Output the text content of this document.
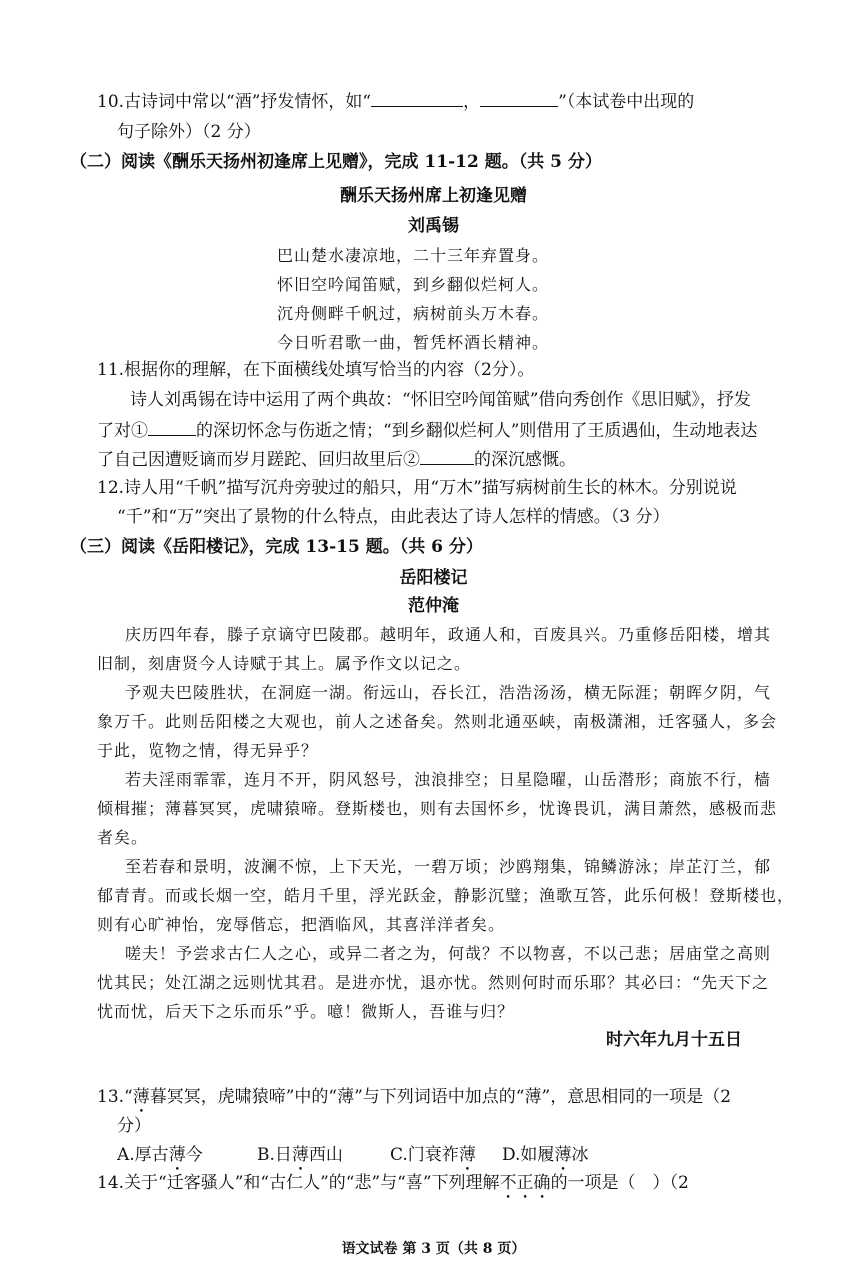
10.古诗词中常以“酒”抒发情怀，如“	，	”（本试卷中出现的
句子除外）（2 分）
（二）阅读《酬乐天扬州初逢席上见赠》，完成 11-12 题。（共 5 分）
酬乐天扬州席上初逢见赠
刘禹锡
巴山楚水凄凉地，二十三年弃置身。
怀旧空吟闻笛赋，到乡翻似烂柯人。
沉舟侧畔千帆过，病树前头万木春。
今日听君歌一曲，暂凭杯酒长精神。
11.根据你的理解，在下面横线处填写恰当的内容（2分）。
诗人刘禹锡在诗中运用了两个典故：“怀旧空吟闻笛赋”借向秀创作《思旧赋》，抒发
了对①	的深切怀念与伤逝之情；“到乡翻似烂柯人”则借用了王质遇仙，生动地表达
了自己因遭贬谪而岁月蹉跎、回归故里后②	的深沉感慨。
12.诗人用“千帆”描写沉舟旁驶过的船只，用“万木”描写病树前生长的林木。分别说说
“千”和“万”突出了景物的什么特点，由此表达了诗人怎样的情感。（3 分）
（三）阅读《岳阳楼记》，完成 13-15 题。（共 6 分）
岳阳楼记
范仲淹
庆历四年春，滕子京谪守巴陵郡。越明年，政通人和，百废具兴。乃重修岳阳楼，增其
旧制，刻唐贤今人诗赋于其上。属予作文以记之。
予观夫巴陵胜状，在洞庭一湖。衔远山，吞长江，浩浩汤汤，横无际涯；朝晖夕阴，气
象万千。此则岳阳楼之大观也，前人之述备矣。然则北通巫峡，南极潇湘，迁客骚人，多会
于此，览物之情，得无异乎？
若夫淫雨霏霏，连月不开，阴风怒号，浊浪排空；日星隐曜，山岳潜形；商旅不行，樯
倾楫摧；薄暮冥冥，虎啸猿啼。登斯楼也，则有去国怀乡，忧谗畏讥，满目萧然，感极而悲
者矣。
至若春和景明，波澜不惊，上下天光，一碧万顷；沙鸥翔集，锦鳞游泳；岸芷汀兰，郁
郁青青。而或长烟一空，皓月千里，浮光跃金，静影沉璧；渔歌互答，此乐何极！登斯楼也，
则有心旷神怡，宠辱偕忘，把酒临风，其喜洋洋者矣。
嗟夫！予尝求古仁人之心，或异二者之为，何哉？不以物喜，不以己悲；居庙堂之高则
忧其民；处江湖之远则忧其君。是进亦忧，退亦忧。然则何时而乐耶？其必曰：“先天下之
忧而忧，后天下之乐而乐”乎。噫！微斯人，吾谁与归？
时六年九月十五日
13.“薄暮冥冥，虎啸猿啼”中的“薄”与下列词语中加点的“薄”，意思相同的一项是（2
分）
A.厚古薄今	B.日薄西山	C.门衰祚薄 D.如履薄冰
14.关于“迁客骚人”和“古仁人”的“悲”与“喜”下列理解不正确的一项是（　）（2
语文试卷 第 3 页（共 8 页）
